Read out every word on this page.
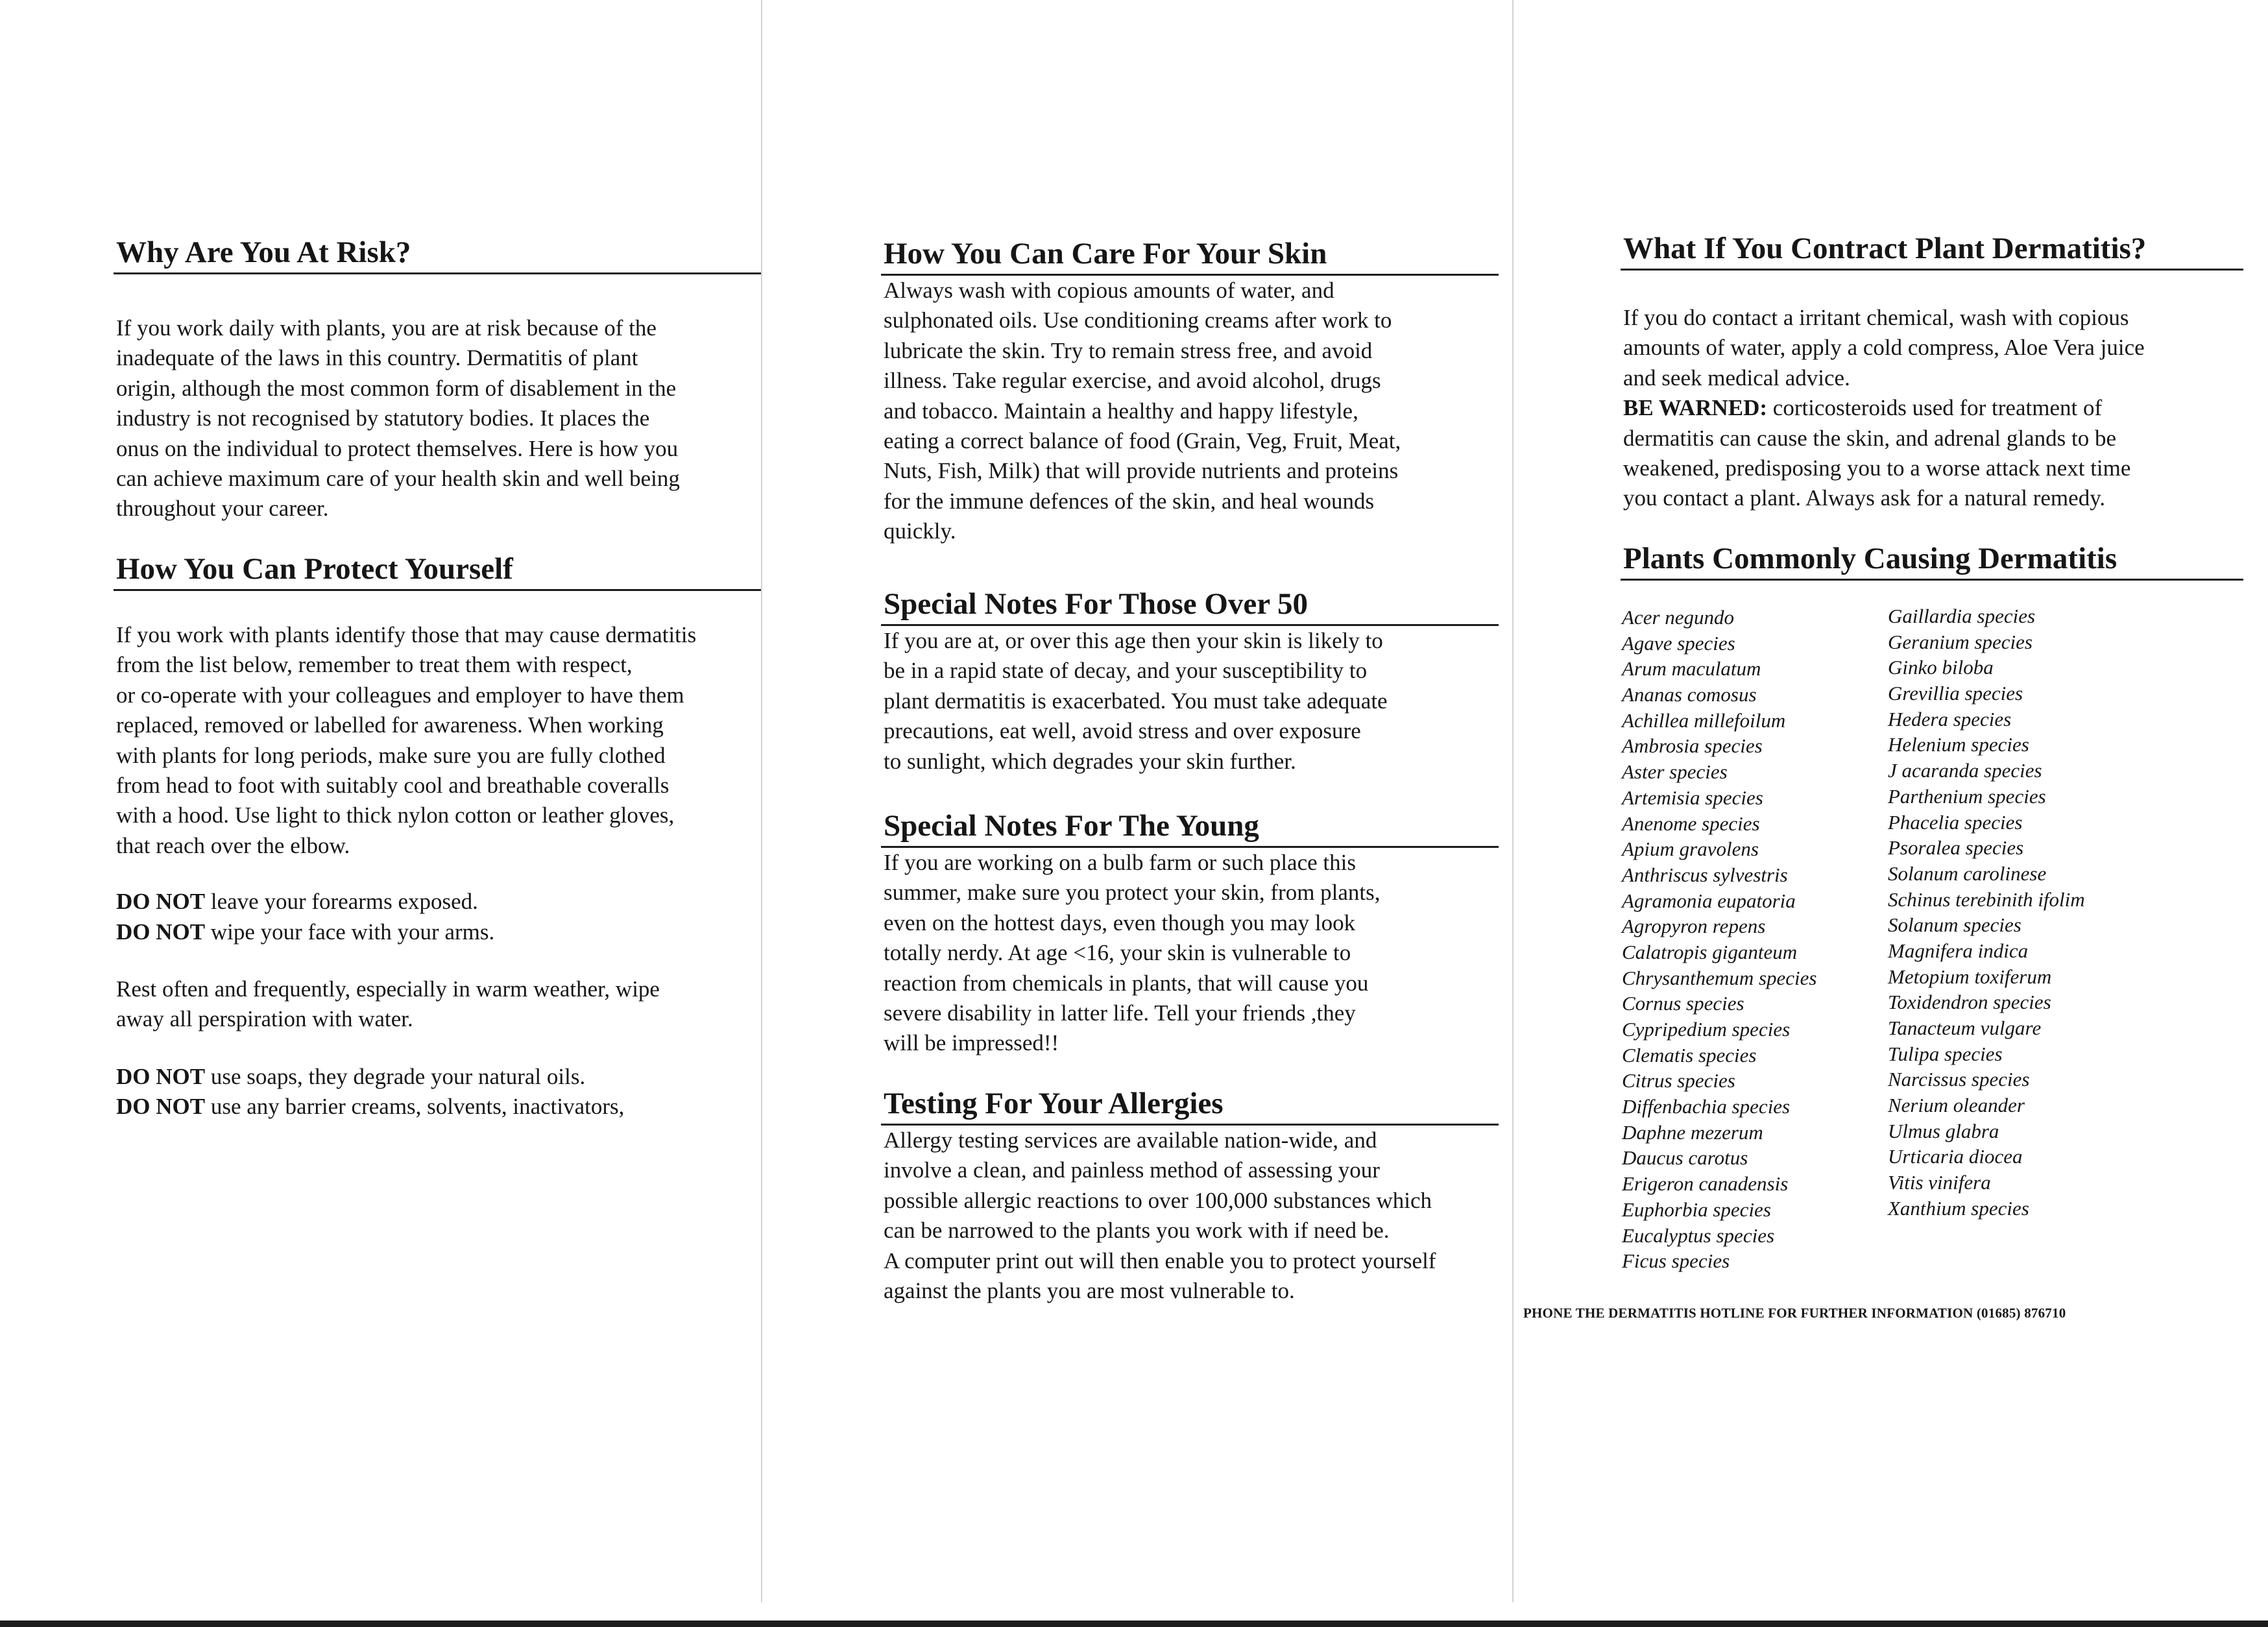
Why Are You At Risk?

If you work daily with plants, you are at risk because of the
inadequate of the laws in this country. Dermatitis of plant
origin, although the most common form of disablement in the
industry is not recognised by statutory bodies. It places the
onus on the individual to protect themselves. Here is how you
can achieve maximum care of your health skin and well being
throughout your career.

How You Can Protect Yourself

If you work with plants identify those that may cause dermatitis
from the list below, remember to treat them with respect,
or co-operate with your colleagues and employer to have them
replaced, removed or labelled for awareness. When working
with plants for long periods, make sure you are fully clothed
from head to foot with suitably cool and breathable coveralls
with a hood. Use light to thick nylon cotton or leather gloves,
that reach over the elbow.

DO NOT leave your forearms exposed.
DO NOT wipe your face with your arms.

Rest often and frequently, especially in warm weather, wipe
away all perspiration with water.

DO NOT use soaps, they degrade your natural oils.
DO NOT use any barrier creams, solvents, inactivators,
How You Can Care For Your Skin

Always wash with copious amounts of water, and
sulphonated oils. Use conditioning creams after work to
lubricate the skin. Try to remain stress free, and avoid
illness. Take regular exercise, and avoid alcohol, drugs
and tobacco. Maintain a healthy and happy lifestyle,
eating a correct balance of food (Grain, Veg, Fruit, Meat,
Nuts, Fish, Milk) that will provide nutrients and proteins
for the immune defences of the skin, and heal wounds
quickly.

Special Notes For Those Over 50

If you are at, or over this age then your skin is likely to
be in a rapid state of decay, and your susceptibility to
plant dermatitis is exacerbated. You must take adequate
precautions, eat well, avoid stress and over exposure
to sunlight, which degrades your skin further.

Special Notes For The Young

If you are working on a bulb farm or such place this
summer, make sure you protect your skin, from plants,
even on the hottest days, even though you may look
totally nerdy. At age <16, your skin is vulnerable to
reaction from chemicals in plants, that will cause you
severe disability in latter life. Tell your friends ,they
will be impressed!!

Testing For Your Allergies

Allergy testing services are available nation-wide, and
involve a clean, and painless method of assessing your
possible allergic reactions to over 100,000 substances which
can be narrowed to the plants you work with if need be.
A computer print out will then enable you to protect yourself
against the plants you are most vulnerable to.

What If You Contract Plant Dermatitis?

If you do contact a irritant chemical, wash with copious
amounts of water, apply a cold compress, Aloe Vera juice
and seek medical advice.

BE WARNED: corticosteroids used for treatment of

dermatitis can cause the skin, and adrenal glands to be
weakened, predisposing you to a worse attack next time
you contact a plant. Always ask for a natural remedy.

Plants Commonly Causing Dermatitis
Acer negundo
Agave species
Arum maculatum
Ananas comosus
Achillea millefoilum
Ambrosia species
Aster species
Artemisia species
Anenome species
Apium gravolens
Anthriscus sylvestris
Agramonia eupatoria
Agropyron repens
Calatropis giganteum
Chrysanthemum species
Cornus species
Cypripedium species
Clematis species
Citrus species
Diffenbachia species
Daphne mezerum
Daucus carotus
Erigeron canadensis
Euphorbia species
Eucalyptus species
Ficus species
Gaillardia species
Geranium species
Ginko biloba
Grevillia species
Hedera species
Helenium species
J acaranda species
Parthenium species
Phacelia species
Psoralea species
Solanum carolinese
Schinus terebinith ifolim
Solanum species
Magnifera indica
Metopium toxiferum
Toxidendron species
Tanacteum vulgare
Tulipa species
Narcissus species
Nerium oleander
Ulmus glabra
Urticaria diocea
Vitis vinifera
Xanthium species
PHONE THE DERMATITIS HOTLINE FOR FURTHER INFORMATION (01685) 876710
